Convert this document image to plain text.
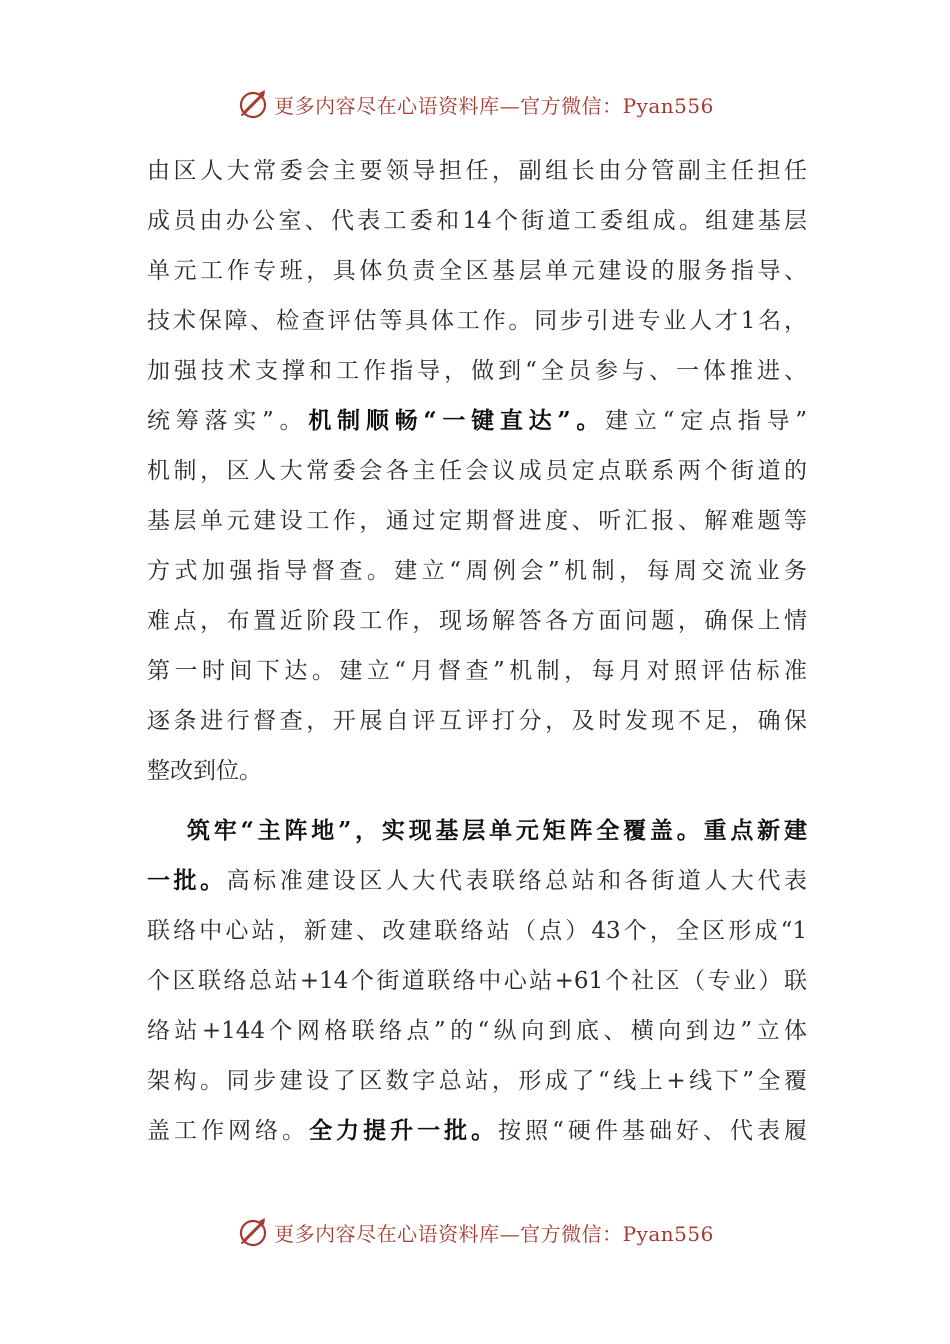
更多内容尽在心语资料库—官方微信：Pyan556
由区人大常委会主要领导担任，副组长由分管副主任担任
成员由办公室、代表工委和14个街道工委组成。组建基层
单元工作专班，具体负责全区基层单元建设的服务指导、
技术保障、检查评估等具体工作。同步引进专业人才1名，
加强技术支撑和工作指导，做到“全员参与、一体推进、
统筹落实”。机制顺畅“一键直达”。建立“定点指导”
机制，区人大常委会各主任会议成员定点联系两个街道的
基层单元建设工作，通过定期督进度、听汇报、解难题等
方式加强指导督查。建立“周例会”机制，每周交流业务
难点，布置近阶段工作，现场解答各方面问题，确保上情
第一时间下达。建立“月督查”机制，每月对照评估标准
逐条进行督查，开展自评互评打分，及时发现不足，确保
整改到位。
筑牢“主阵地”，实现基层单元矩阵全覆盖。重点新建
一批。高标准建设区人大代表联络总站和各街道人大代表
联络中心站，新建、改建联络站（点）43个，全区形成“1
个区联络总站+14个街道联络中心站+61个社区（专业）联
络站+144个网格联络点”的“纵向到底、横向到边”立体
架构。同步建设了区数字总站，形成了“线上+线下”全覆
盖工作网络。全力提升一批。按照“硬件基础好、代表履
更多内容尽在心语资料库—官方微信：Pyan556
